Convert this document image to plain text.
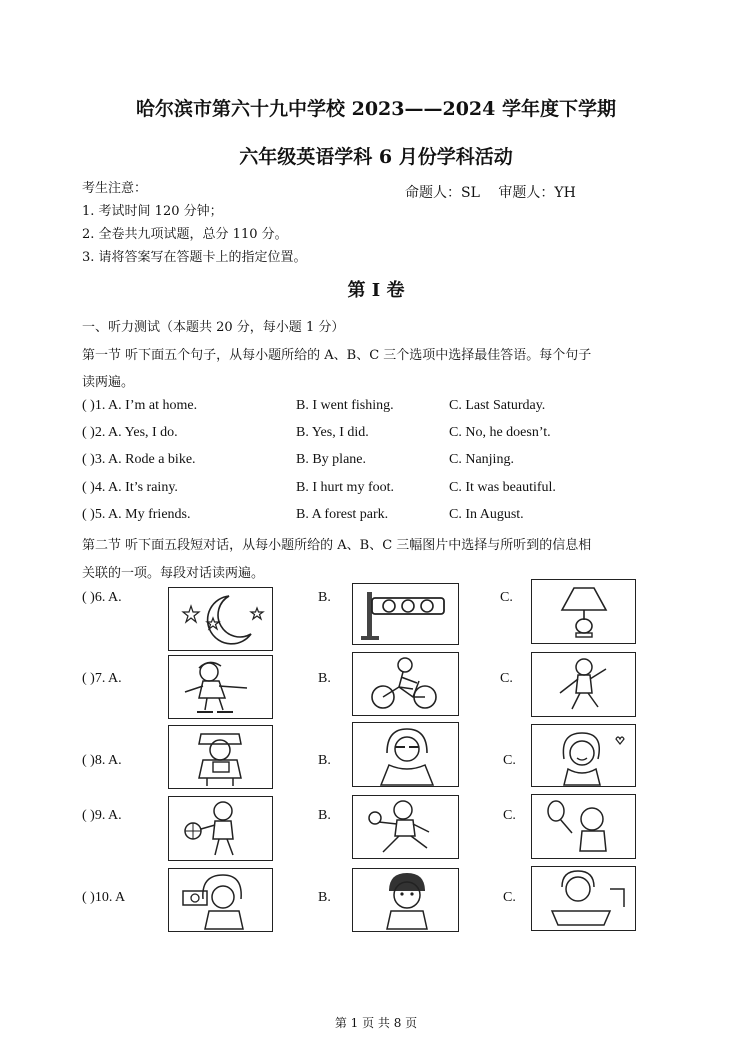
哈尔滨市第六十九中学校 2023——2024 学年度下学期
六年级英语学科 6 月份学科活动
考生注意：	命题人：SL　 审题人：YH
1. 考试时间 120 分钟；
2. 全卷共九项试题，总分 110 分。
3. 请将答案写在答题卡上的指定位置。
第 I 卷
一、听力测试（本题共 20 分，每小题 1 分）
第一节 听下面五个句子，从每小题所给的 A、B、C 三个选项中选择最佳答语。每个句子
读两遍。
( )1. A. I’m at home.	B. I went fishing.	C. Last Saturday.
( )2. A. Yes, I do.	B. Yes, I did.	C. No, he doesn’t.
( )3. A. Rode a bike.	B. By plane.	C. Nanjing.
( )4. A. It’s rainy.	B. I hurt my foot.	C. It was beautiful.
( )5. A. My friends.	B. A forest park.	C. In August.
第二节 听下面五段短对话，从每小题所给的 A、B、C 三幅图片中选择与所听到的信息相
关联的一项。每段对话读两遍。
( )6. A.	B.	C.
( )7. A.	B.	C.
( )8. A.	B.	C.
( )9. A.	B.	C.
( )10. A	B.	C.
第 1 页 共 8 页
